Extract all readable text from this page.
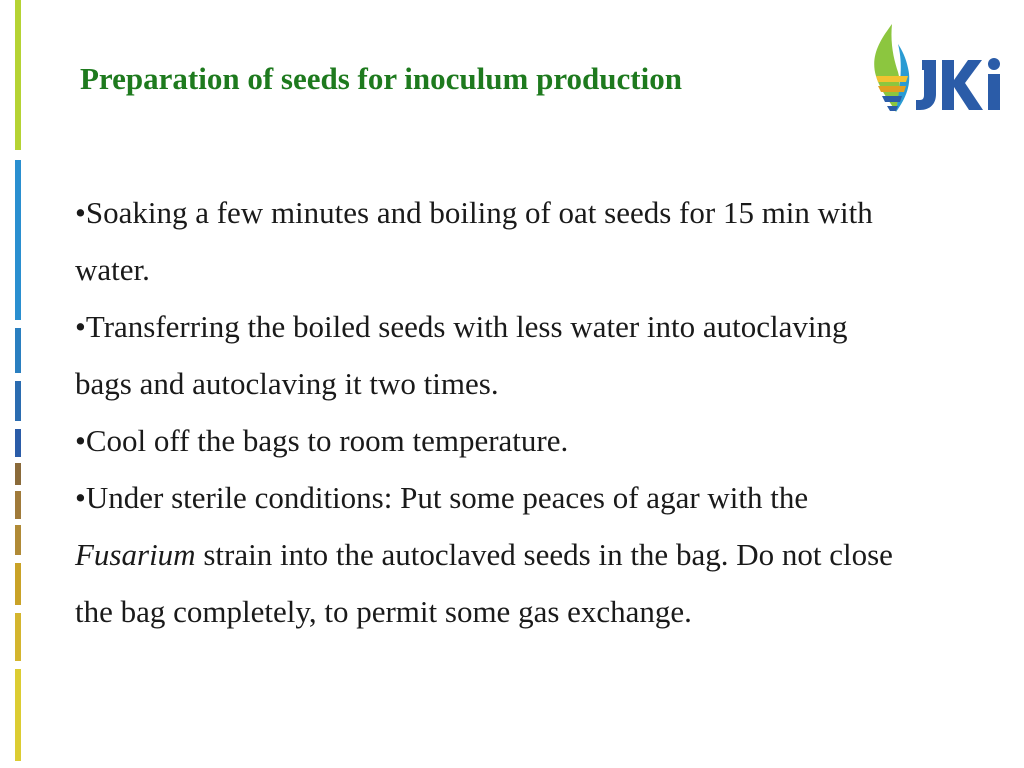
Preparation of seeds for inoculum production

•Soaking a few minutes and boiling of oat seeds for 15 min with water.

•Transferring the boiled seeds with less water into autoclaving bags and autoclaving it two times.

•Cool off the bags to room temperature.

•Under sterile conditions: Put some peaces of agar with the Fusarium strain into the autoclaved seeds in the bag. Do not close the bag completely, to permit some gas exchange.
